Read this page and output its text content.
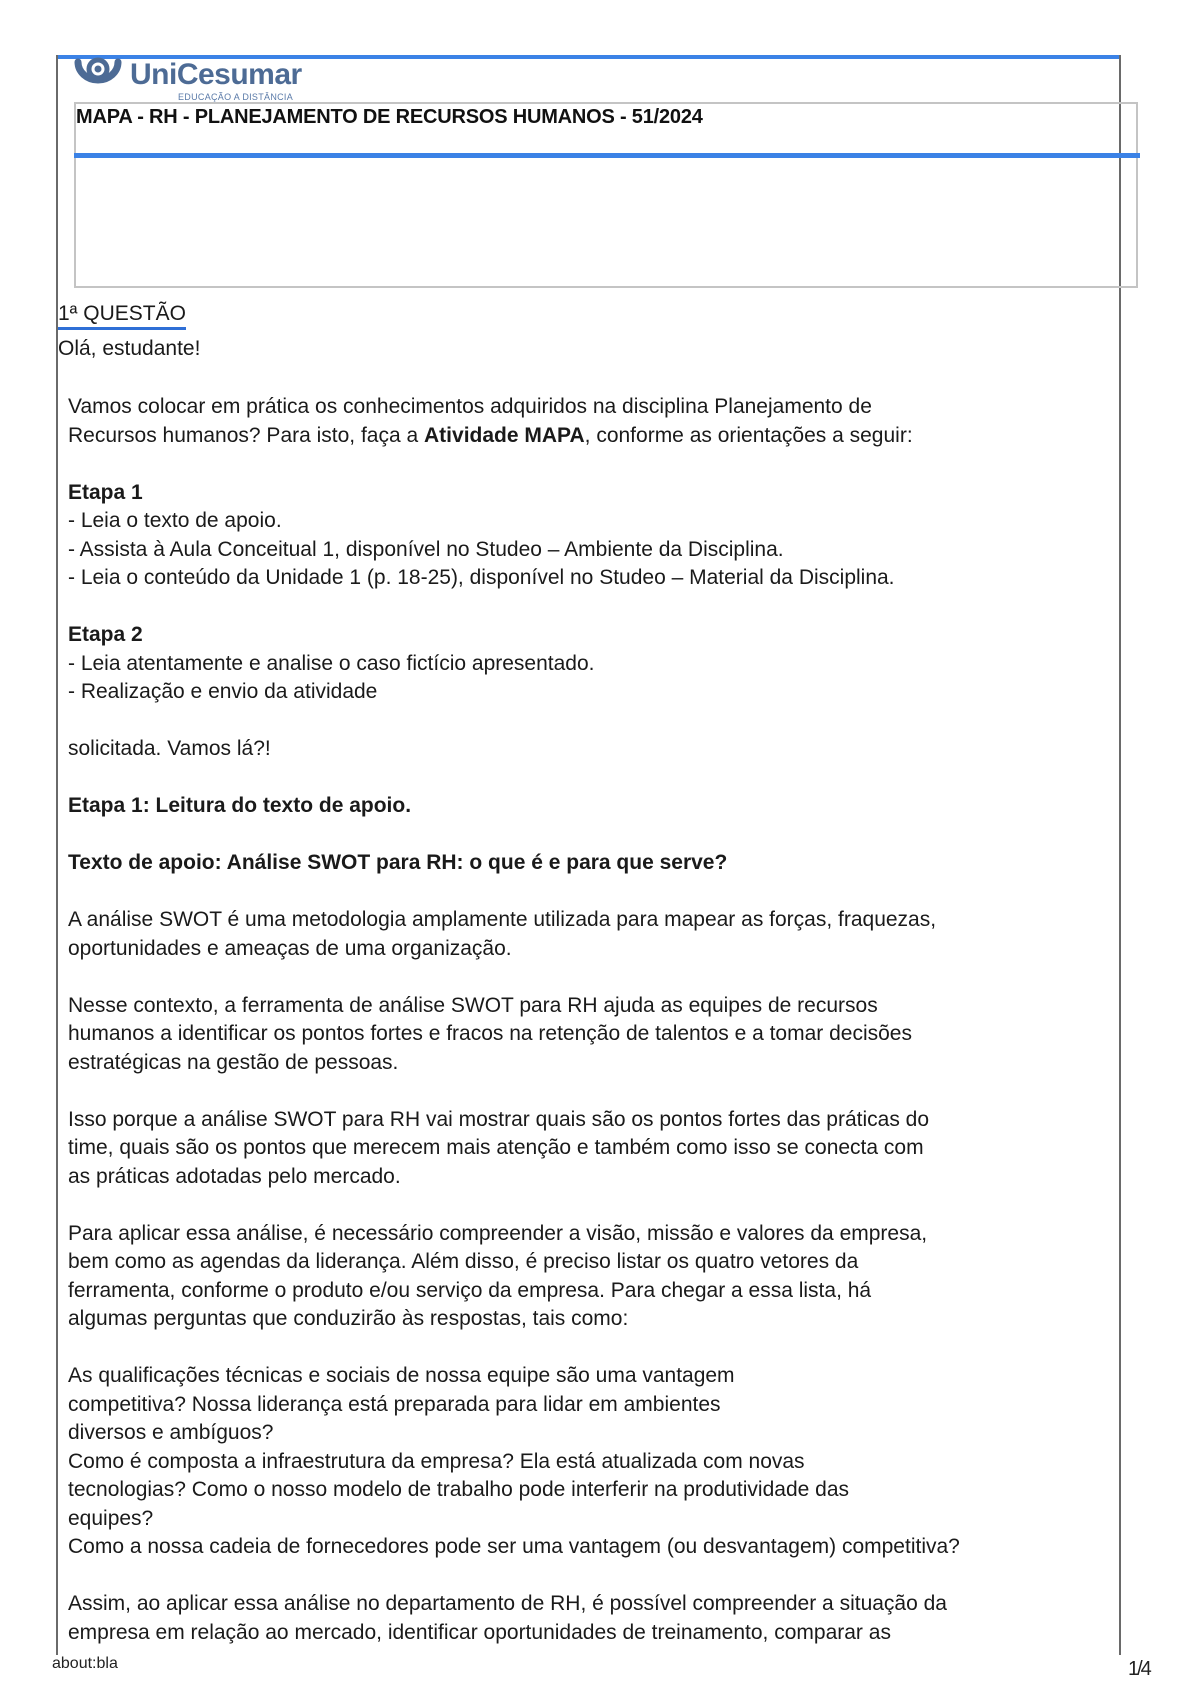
UniCesumar
EDUCAÇÃO A DISTÂNCIA
MAPA - RH - PLANEJAMENTO DE RECURSOS HUMANOS - 51/2024
1ª QUESTÃO
Olá, estudante!

Vamos colocar em prática os conhecimentos adquiridos na disciplina Planejamento de
Recursos humanos? Para isto, faça a Atividade MAPA, conforme as orientações a seguir:

Etapa 1
- Leia o texto de apoio.
- Assista à Aula Conceitual 1, disponível no Studeo – Ambiente da Disciplina.
- Leia o conteúdo da Unidade 1 (p. 18-25), disponível no Studeo – Material da Disciplina.

Etapa 2
- Leia atentamente e analise o caso fictício apresentado.
- Realização e envio da atividade

solicitada. Vamos lá?!

Etapa 1: Leitura do texto de apoio.

Texto de apoio: Análise SWOT para RH: o que é e para que serve?

A análise SWOT é uma metodologia amplamente utilizada para mapear as forças, fraquezas,
oportunidades e ameaças de uma organização.

Nesse contexto, a ferramenta de análise SWOT para RH ajuda as equipes de recursos
humanos a identificar os pontos fortes e fracos na retenção de talentos e a tomar decisões
estratégicas na gestão de pessoas.

Isso porque a análise SWOT para RH vai mostrar quais são os pontos fortes das práticas do
time, quais são os pontos que merecem mais atenção e também como isso se conecta com
as práticas adotadas pelo mercado.

Para aplicar essa análise, é necessário compreender a visão, missão e valores da empresa,
bem como as agendas da liderança. Além disso, é preciso listar os quatro vetores da
ferramenta, conforme o produto e/ou serviço da empresa. Para chegar a essa lista, há
algumas perguntas que conduzirão às respostas, tais como:

As qualificações técnicas e sociais de nossa equipe são uma vantagem
competitiva? Nossa liderança está preparada para lidar em ambientes
diversos e ambíguos?
Como é composta a infraestrutura da empresa? Ela está atualizada com novas
tecnologias? Como o nosso modelo de trabalho pode interferir na produtividade das
equipes?
Como a nossa cadeia de fornecedores pode ser uma vantagem (ou desvantagem) competitiva?

Assim, ao aplicar essa análise no departamento de RH, é possível compreender a situação da
empresa em relação ao mercado, identificar oportunidades de treinamento, comparar as

about:bla	1/4
